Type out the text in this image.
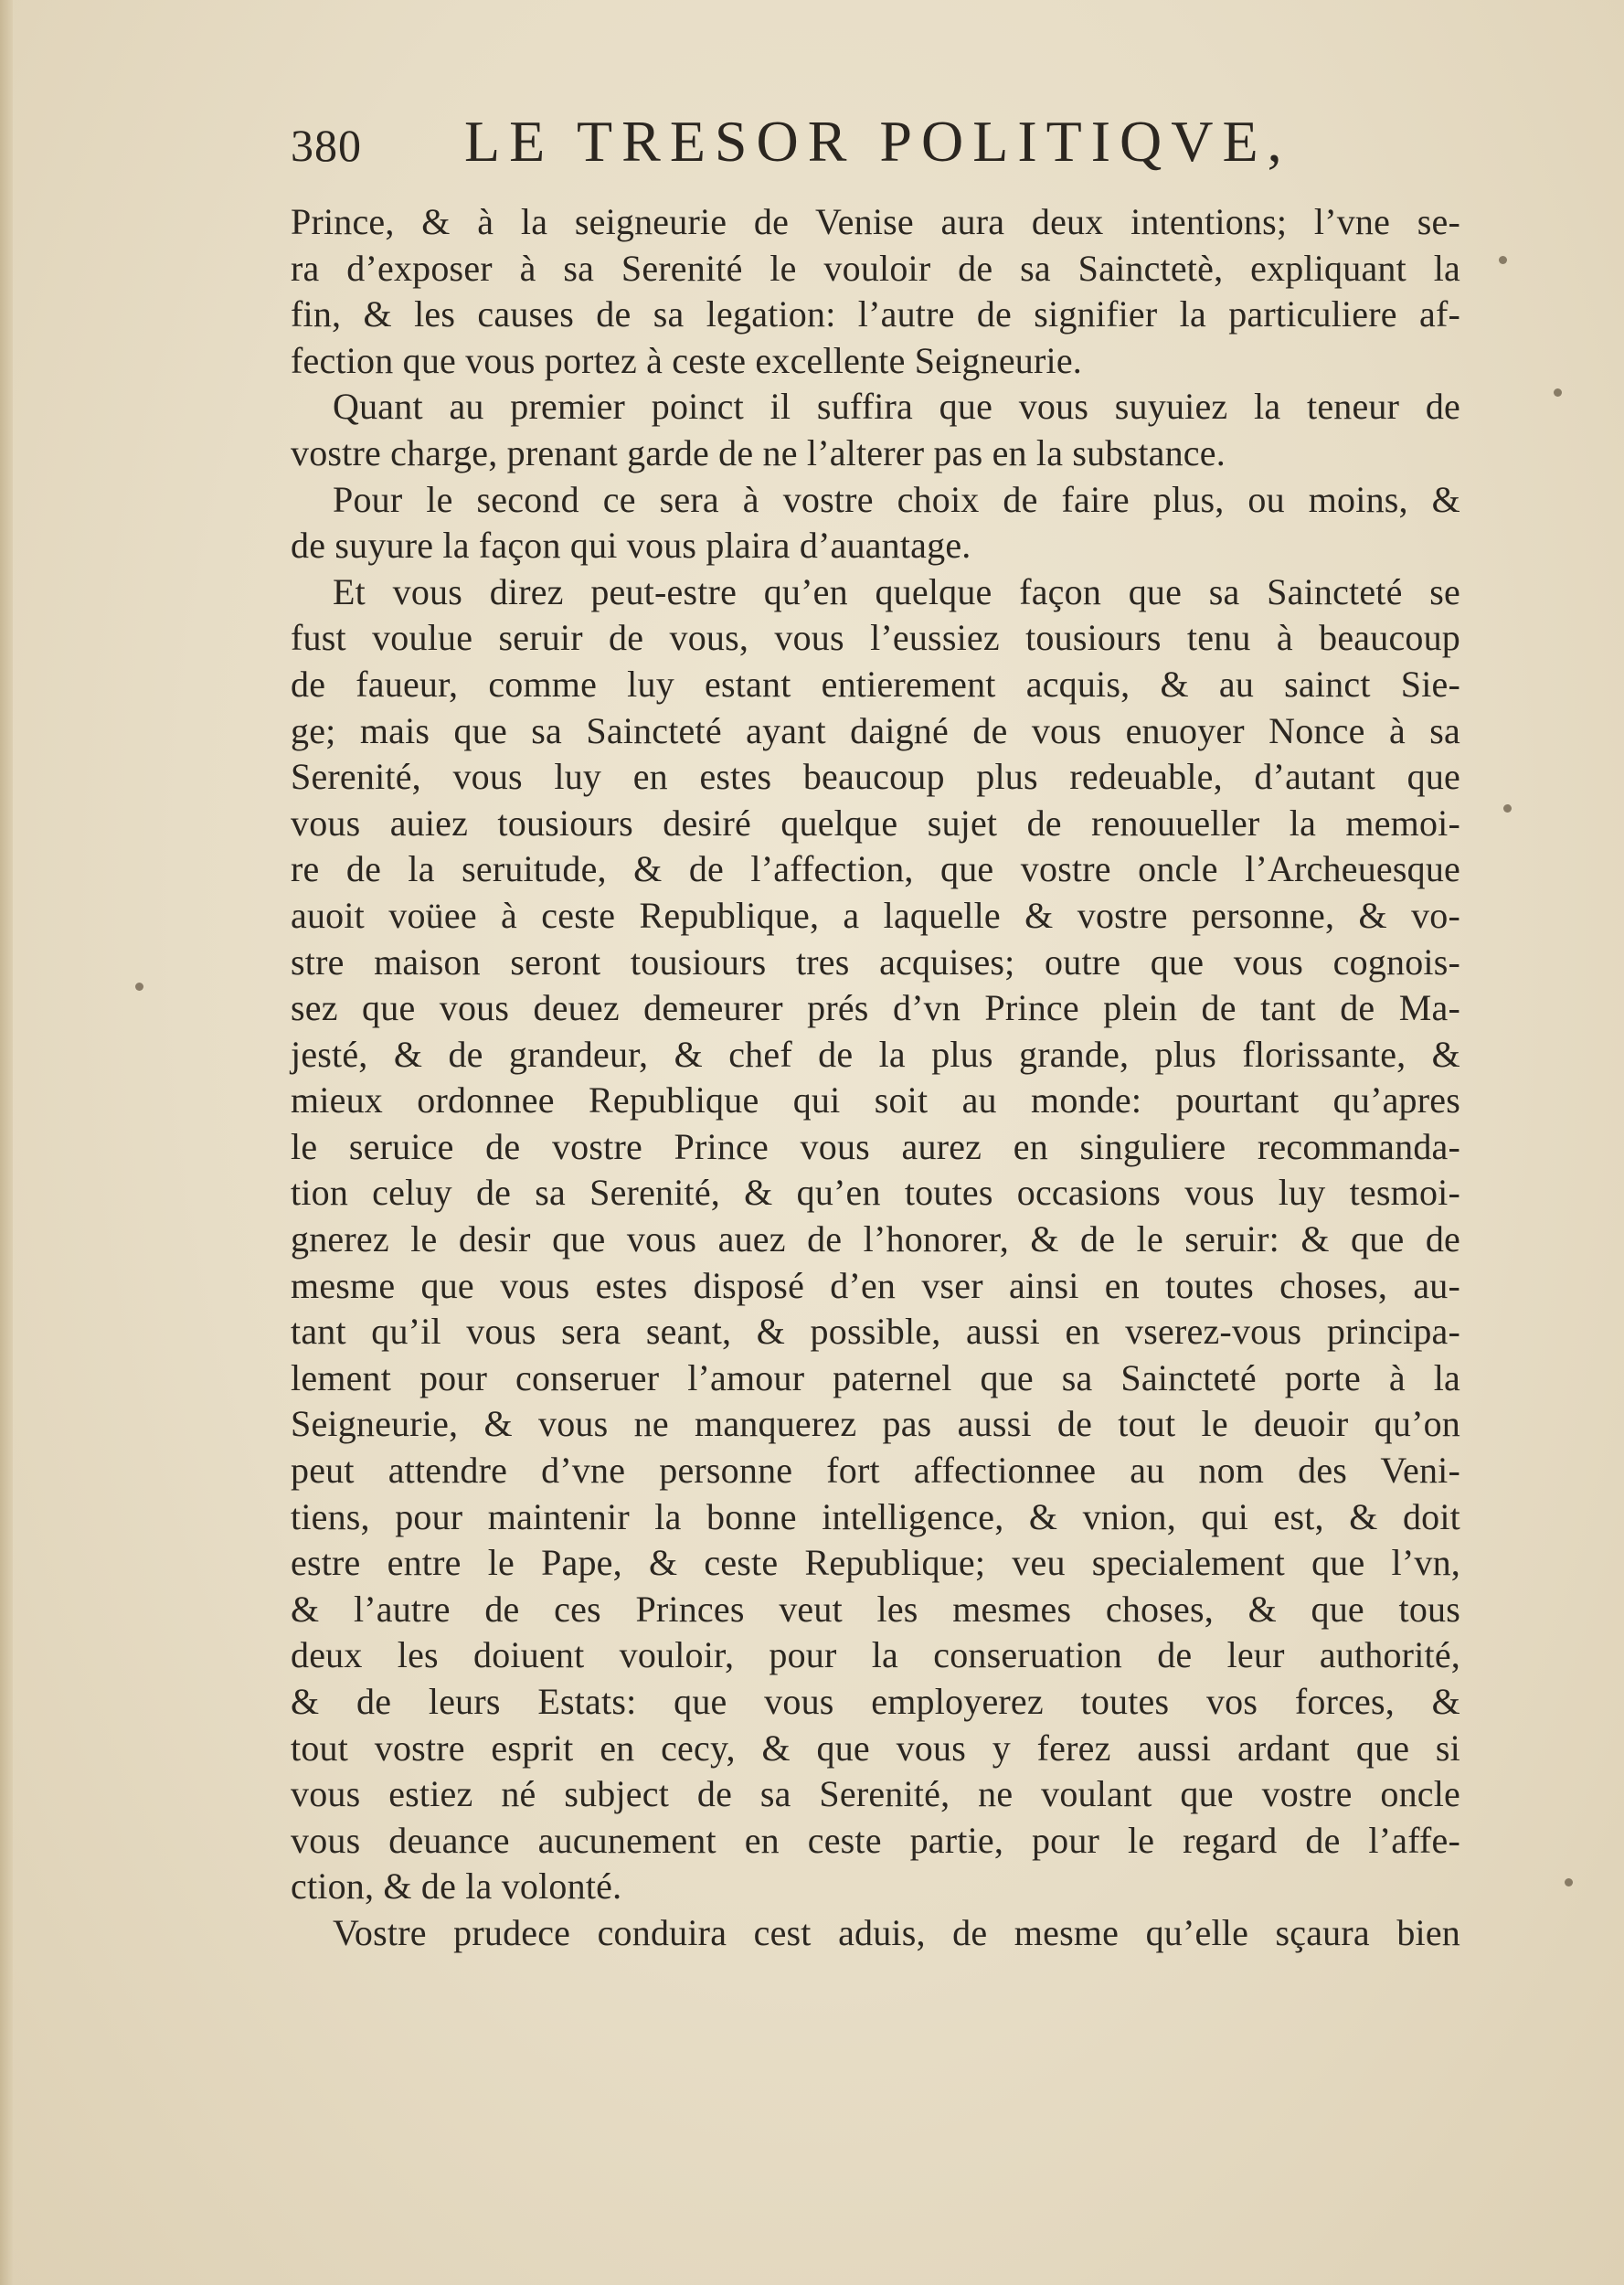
380 LE TRESOR POLITIQVE,
Prince, & à la seigneurie de Venise aura deux intentions; l’vne se-
ra d’exposer à sa Serenité le vouloir de sa Sainctetè, expliquant la
fin, & les causes de sa legation: l’autre de signifier la particuliere af-
fection que vous portez à ceste excellente Seigneurie.
Quant au premier poinct il suffira que vous suyuiez la teneur de
vostre charge, prenant garde de ne l’alterer pas en la substance.
Pour le second ce sera à vostre choix de faire plus, ou moins, &
de suyure la façon qui vous plaira d’auantage.
Et vous direz peut-estre qu’en quelque façon que sa Saincteté se
fust voulue seruir de vous, vous l’eussiez tousiours tenu à beaucoup
de faueur, comme luy estant entierement acquis, & au sainct Sie-
ge; mais que sa Saincteté ayant daigné de vous enuoyer Nonce à sa
Serenité, vous luy en estes beaucoup plus redeuable, d’autant que
vous auiez tousiours desiré quelque sujet de renouueller la memoi-
re de la seruitude, & de l’affection, que vostre oncle l’Archeuesque
auoit voüee à ceste Republique, a laquelle & vostre personne, & vo-
stre maison seront tousiours tres acquises; outre que vous cognois-
sez que vous deuez demeurer prés d’vn Prince plein de tant de Ma-
jesté, & de grandeur, & chef de la plus grande, plus florissante, &
mieux ordonnee Republique qui soit au monde: pourtant qu’apres
le seruice de vostre Prince vous aurez en singuliere recommanda-
tion celuy de sa Serenité, & qu’en toutes occasions vous luy tesmoi-
gnerez le desir que vous auez de l’honorer, & de le seruir: & que de
mesme que vous estes disposé d’en vser ainsi en toutes choses, au-
tant qu’il vous sera seant, & possible, aussi en vserez-vous principa-
lement pour conseruer l’amour paternel que sa Saincteté porte à la
Seigneurie, & vous ne manquerez pas aussi de tout le deuoir qu’on
peut attendre d’vne personne fort affectionnee au nom des Veni-
tiens, pour maintenir la bonne intelligence, & vnion, qui est, & doit
estre entre le Pape, & ceste Republique; veu specialement que l’vn,
& l’autre de ces Princes veut les mesmes choses, & que tous
deux les doiuent vouloir, pour la conseruation de leur authorité,
& de leurs Estats: que vous employerez toutes vos forces, &
tout vostre esprit en cecy, & que vous y ferez aussi ardant que si
vous estiez né subject de sa Serenité, ne voulant que vostre oncle
vous deuance aucunement en ceste partie, pour le regard de l’affe-
ction, & de la volonté.
Vostre prudece conduira cest aduis, de mesme qu’elle sçaura bien
